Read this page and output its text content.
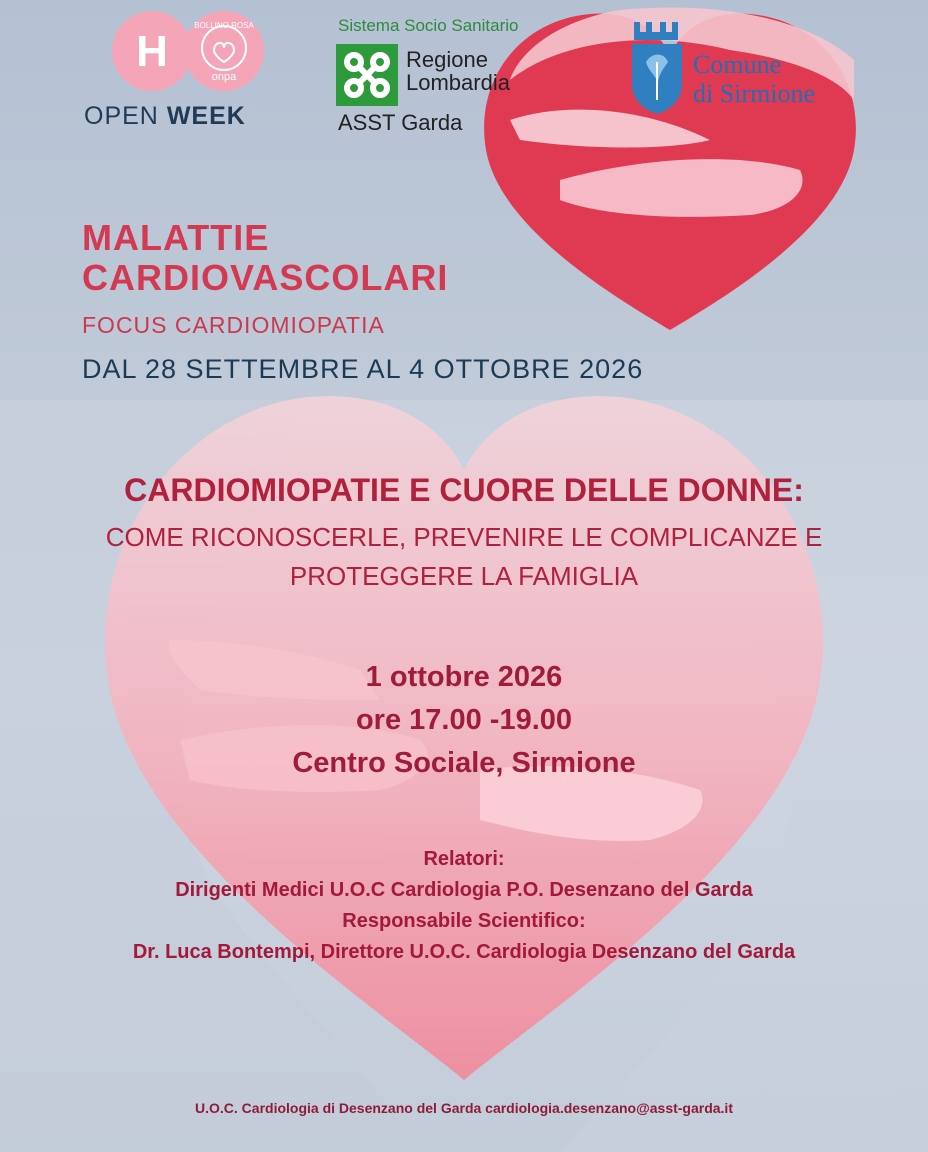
H
BOLLINO ROSA
onpa
OPEN WEEK
Sistema Socio Sanitario
Regione
Lombardia
ASST Garda
Comune
di Sirmione
MALATTIE
CARDIOVASCOLARI
FOCUS CARDIOMIOPATIA
DAL 28 SETTEMBRE AL 4 OTTOBRE 2026
CARDIOMIOPATIE E CUORE DELLE DONNE:
COME RICONOSCERLE, PREVENIRE LE COMPLICANZE E
PROTEGGERE LA FAMIGLIA
1 ottobre 2026
ore 17.00 -19.00
Centro Sociale, Sirmione
Relatori:
Dirigenti Medici U.O.C Cardiologia P.O. Desenzano del Garda
Responsabile Scientifico:
Dr. Luca Bontempi, Direttore U.O.C. Cardiologia Desenzano del Garda
U.O.C. Cardiologia di Desenzano del Garda cardiologia.desenzano@asst-garda.it
